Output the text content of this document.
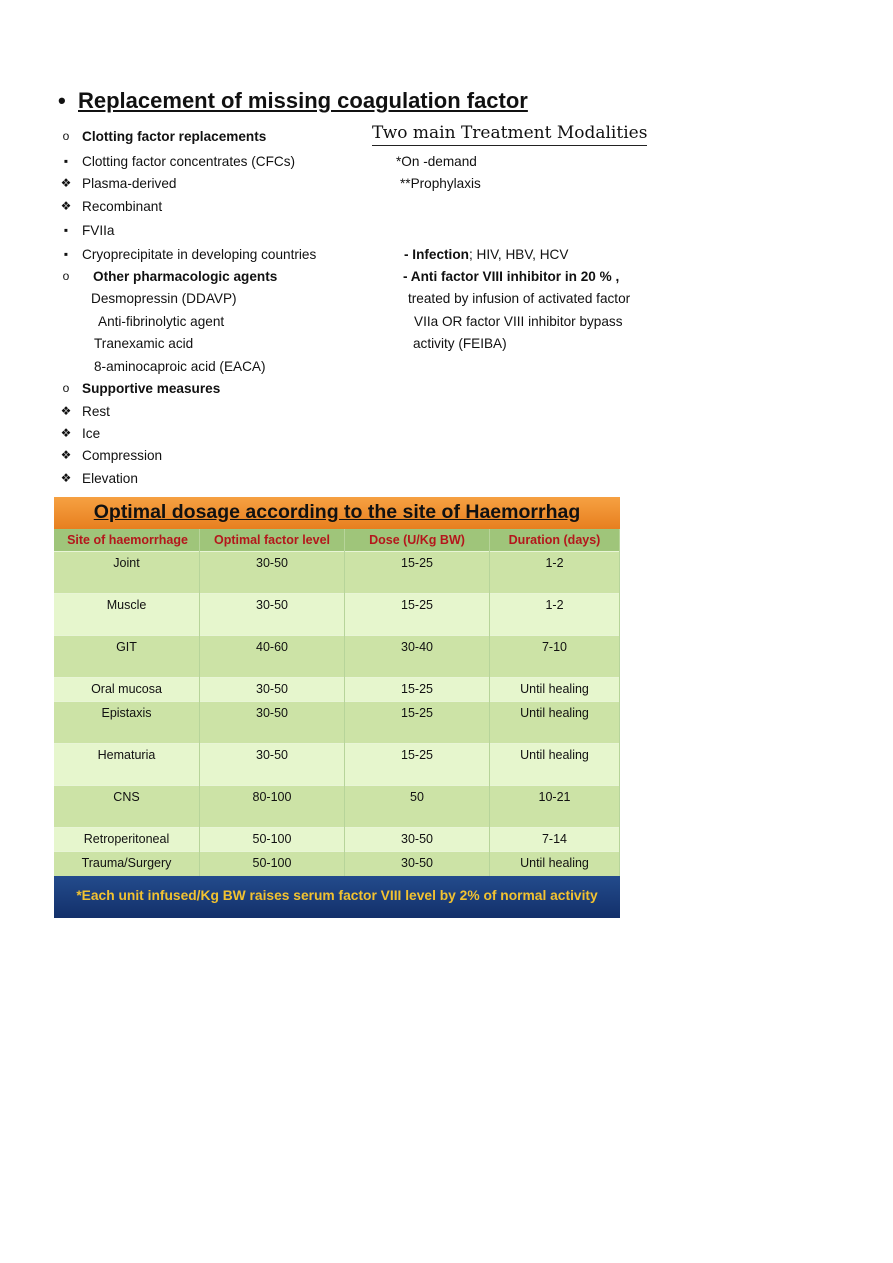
• Replacement of missing coagulation factor
o Clotting factor replacements
▪	Clotting factor concentrates (CFCs)
❖ Plasma-derived
❖ Recombinant
▪	FVIIa
▪	Cryoprecipitate in developing countries
o Other pharmacologic agents
Desmopressin (DDAVP)
Anti-fibrinolytic agent
Tranexamic acid
8-aminocaproic acid (EACA)
o Supportive measures
❖ Rest
❖ Ice
❖ Compression
❖ Elevation
Two main Treatment Modalities
*On -demand
**Prophylaxis
- Infection; HIV, HBV, HCV
- Anti factor VIII inhibitor in 20 % ,
treated by infusion of activated factor
VIIa OR factor VIII inhibitor bypass
activity (FEIBA)
Optimal dosage according to the site of Haemorrhag
Site of haemorrhage	Optimal factor level	Dose (U/Kg BW)	Duration (days)
Joint	30-50	15-25	1-2
Muscle	30-50	15-25	1-2
GIT	40-60	30-40	7-10
Oral mucosa	30-50	15-25	Until healing
Epistaxis	30-50	15-25	Until healing
Hematuria	30-50	15-25	Until healing
CNS	80-100	50	10-21
Retroperitoneal	50-100	30-50	7-14
Trauma/Surgery	50-100	30-50	Until healing
*Each unit infused/Kg BW raises serum factor VIII level by 2% of normal activity
